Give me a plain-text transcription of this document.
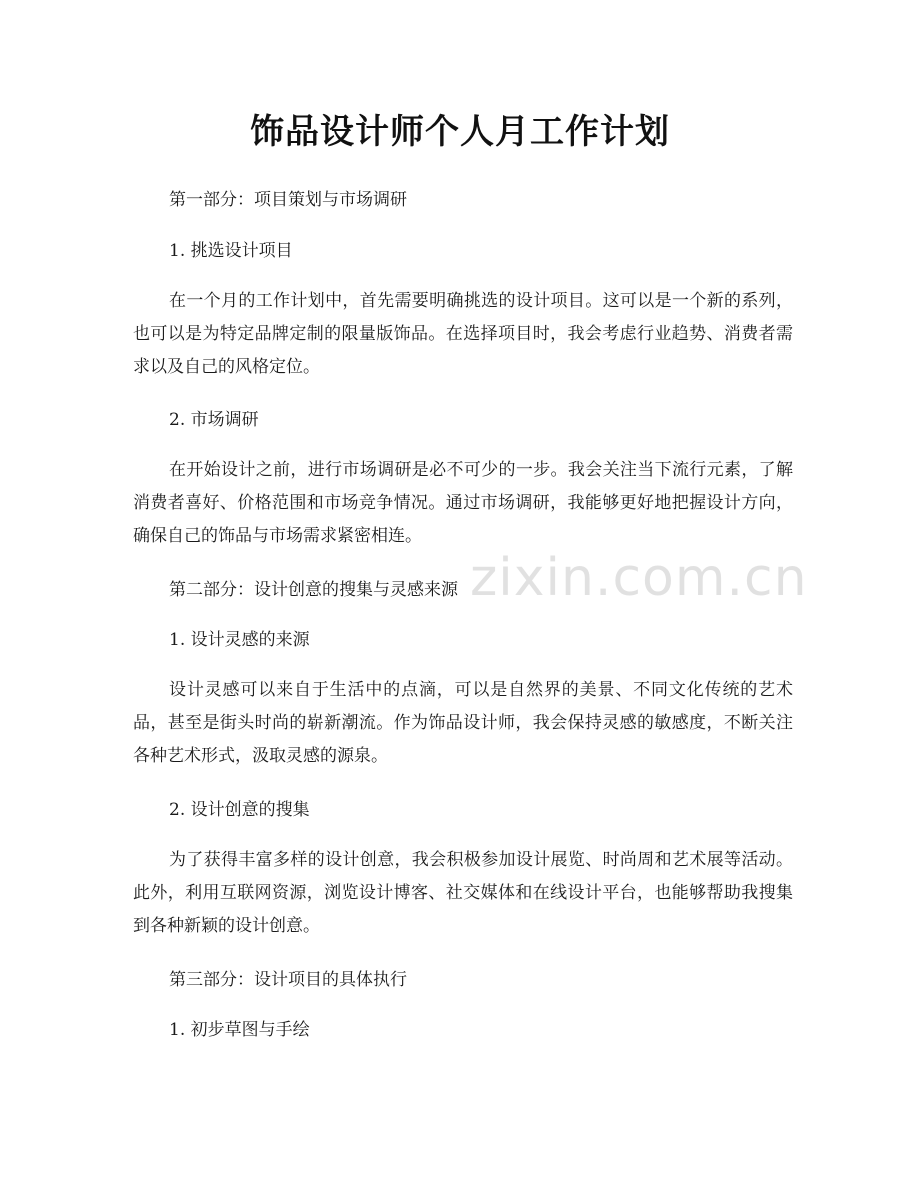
饰品设计师个人月工作计划

第一部分：项目策划与市场调研

1. 挑选设计项目

在一个月的工作计划中，首先需要明确挑选的设计项目。这可以是一个新的系列，也可以是为特定品牌定制的限量版饰品。在选择项目时，我会考虑行业趋势、消费者需求以及自己的风格定位。

2. 市场调研

在开始设计之前，进行市场调研是必不可少的一步。我会关注当下流行元素，了解消费者喜好、价格范围和市场竞争情况。通过市场调研，我能够更好地把握设计方向，确保自己的饰品与市场需求紧密相连。

第二部分：设计创意的搜集与灵感来源

1. 设计灵感的来源

设计灵感可以来自于生活中的点滴，可以是自然界的美景、不同文化传统的艺术品，甚至是街头时尚的崭新潮流。作为饰品设计师，我会保持灵感的敏感度，不断关注各种艺术形式，汲取灵感的源泉。

2. 设计创意的搜集

为了获得丰富多样的设计创意，我会积极参加设计展览、时尚周和艺术展等活动。此外，利用互联网资源，浏览设计博客、社交媒体和在线设计平台，也能够帮助我搜集到各种新颖的设计创意。

第三部分：设计项目的具体执行

1. 初步草图与手绘

zixin.com.cn
